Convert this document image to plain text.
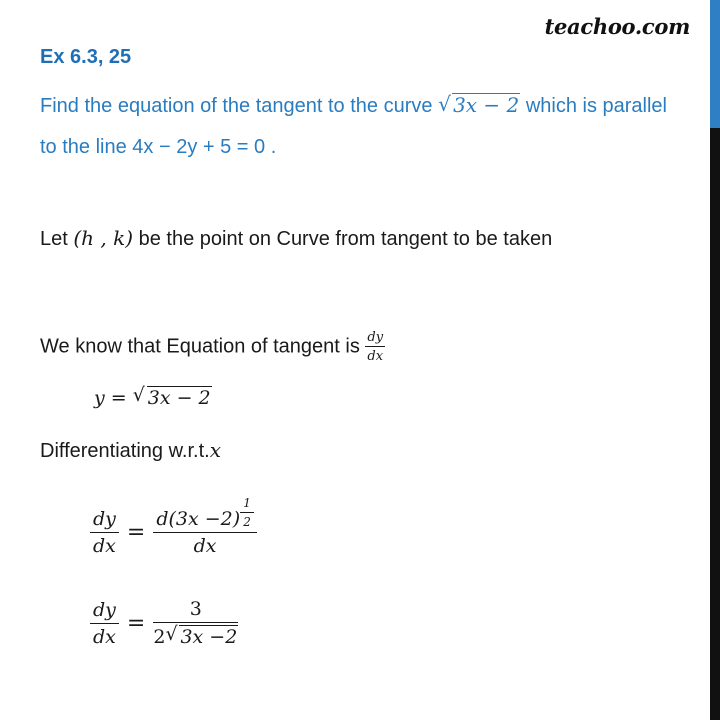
teachoo.com
Ex 6.3, 25
Find the equation of the tangent to the curve √ 3x − 2 which is parallel to the line 4x − 2y + 5 = 0 .
Let (h , k) be the point on Curve from tangent to be taken
We know that Equation of tangent is $\frac{dy}{dx}$
y = √ 3x − 2
Differentiating w.r.t.x
$\frac{dy}{dx} = d(3x -2)$ $^{\frac{1}{2}}$
dx
$\frac{dy}{dx} = \frac{3}{2√ 3x -2}$
